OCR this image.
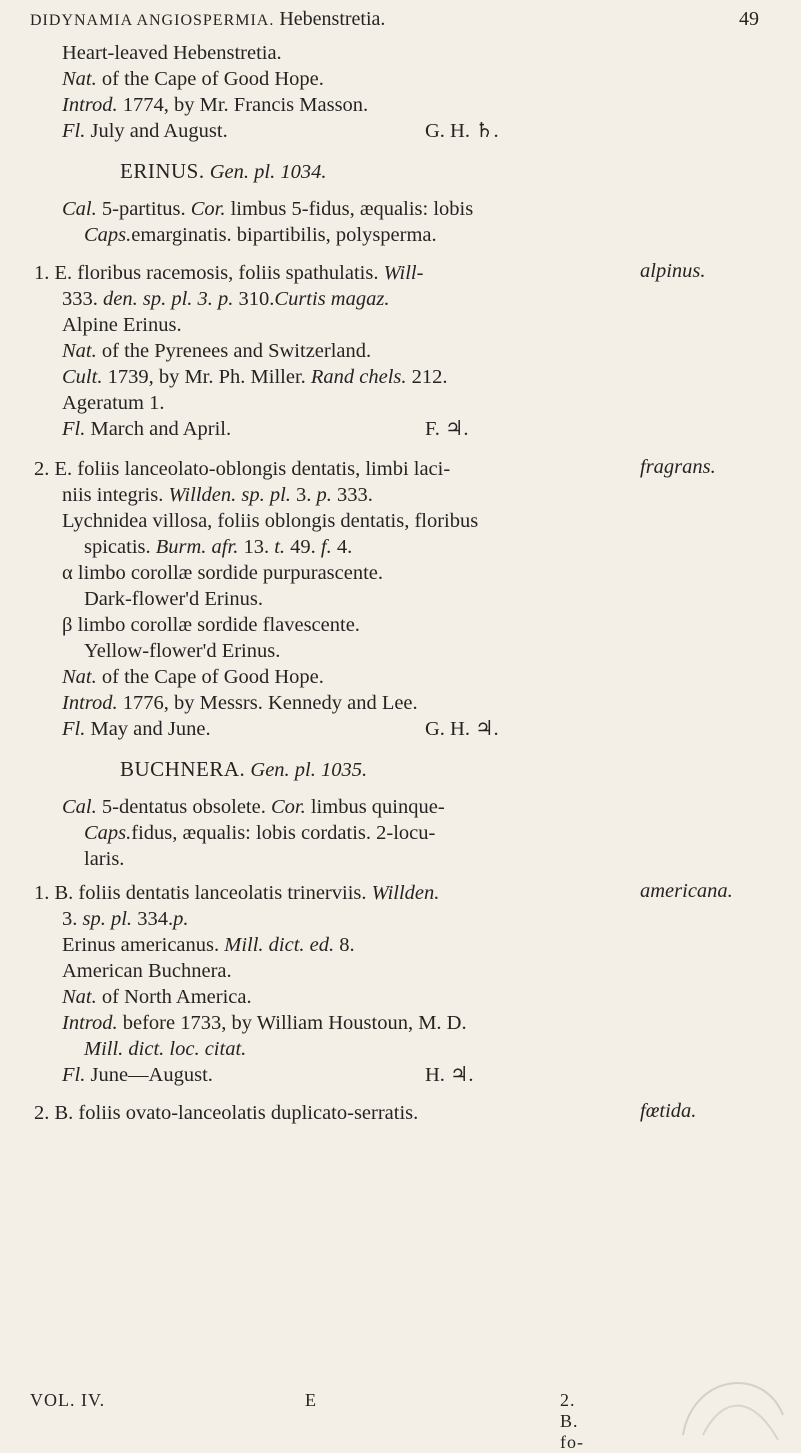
DIDYNAMIA ANGIOSPERMIA. Hebenstretia.	49
Heart-leaved Hebenstretia.
Nat. of the Cape of Good Hope.
Introd. 1774, by Mr. Francis Masson.
Fl. July and August.	G. H. ♄.
ERINUS. Gen. pl. 1034.
Cal. 5-partitus. Cor. limbus 5-fidus, æqualis: lobis
Caps.emarginatis. bipartibilis, polysperma.
1. E. floribus racemosis, foliis spathulatis. Will-	alpinus.
333. den. sp. pl. 3. p. 310.Curtis magaz.
Alpine Erinus.
Nat. of the Pyrenees and Switzerland.
Cult. 1739, by Mr. Ph. Miller. Rand chels. 212.
Ageratum 1.
Fl. March and April.	F. ♃.
2. E. foliis lanceolato-oblongis dentatis, limbi laci-	fragrans.
niis integris. Willden. sp. pl. 3. p. 333.
Lychnidea villosa, foliis oblongis dentatis, floribus
spicatis. Burm. afr. 13. t. 49. f. 4.
α limbo corollæ sordide purpurascente.
Dark-flower'd Erinus.
β limbo corollæ sordide flavescente.
Yellow-flower'd Erinus.
Nat. of the Cape of Good Hope.
Introd. 1776, by Messrs. Kennedy and Lee.
Fl. May and June.	G. H. ♃.
BUCHNERA. Gen. pl. 1035.
Cal. 5-dentatus obsolete. Cor. limbus quinque-
Caps.fidus, æqualis: lobis cordatis. 2-locu-
laris.
1. B. foliis dentatis lanceolatis trinerviis. Willden.	americana.
3. sp. pl. 334.p.
Erinus americanus. Mill. dict. ed. 8.
American Buchnera.
Nat. of North America.
Introd. before 1733, by William Houstoun, M. D.
Mill. dict. loc. citat.
Fl. June—August.	H. ♃.
2. B. foliis ovato-lanceolatis duplicato-serratis.	fœtida.
VOL. IV.	E	2. B. fo-
